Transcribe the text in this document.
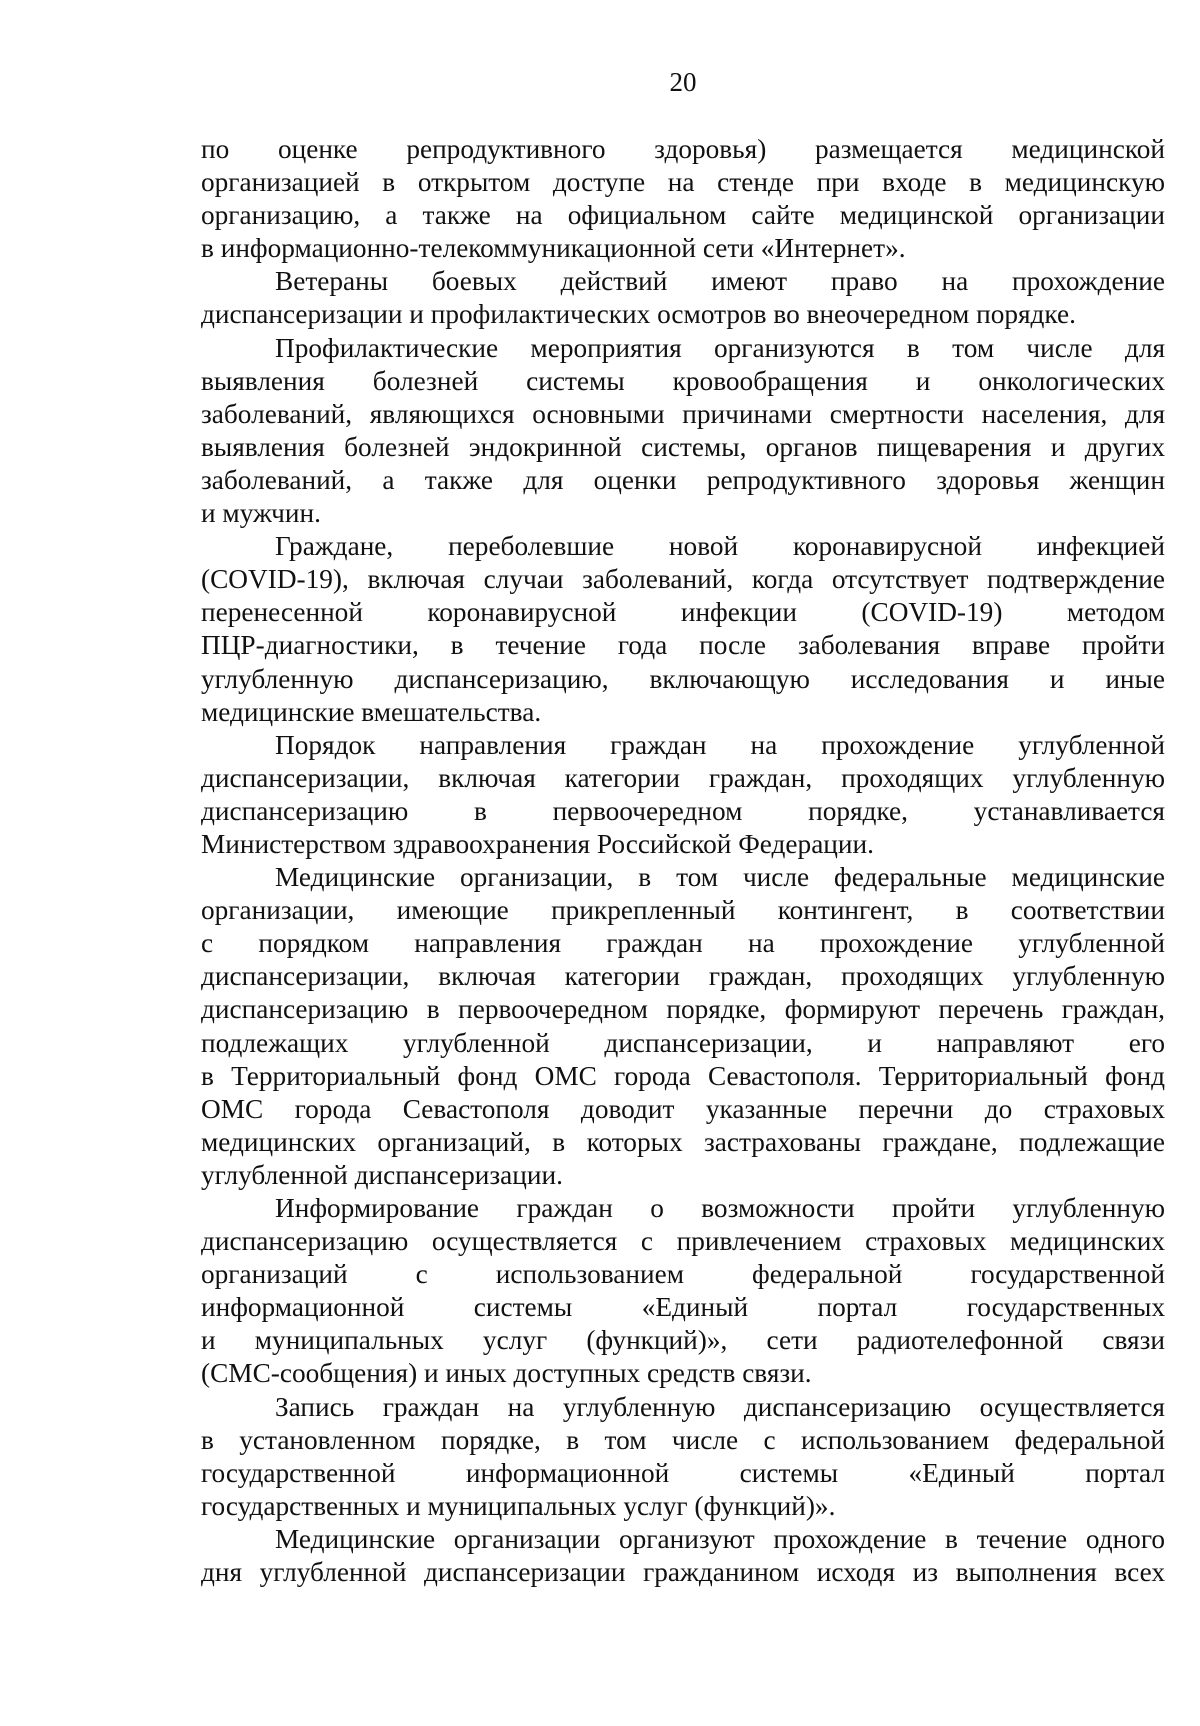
20

по оценке репродуктивного здоровья) размещается медицинской
организацией в открытом доступе на стенде при входе в медицинскую
организацию, а также на официальном сайте медицинской организации
в информационно-телекоммуникационной сети «Интернет».

Ветераны боевых действий имеют право на прохождение
диспансеризации и профилактических осмотров во внеочередном порядке.

Профилактические мероприятия организуются в том числе для
выявления болезней системы кровообращения и онкологических
заболеваний, являющихся основными причинами смертности населения, для
выявления болезней эндокринной системы, органов пищеварения и других
заболеваний, а также для оценки репродуктивного здоровья женщин
и мужчин.

Граждане, переболевшие новой коронавирусной инфекцией
(COVID-19), включая случаи заболеваний, когда отсутствует подтверждение
перенесенной коронавирусной инфекции (COVID-19) методом
ПЦР-диагностики, в течение года после заболевания вправе пройти
углубленную диспансеризацию, включающую исследования и иные
медицинские вмешательства.

Порядок направления граждан на прохождение углубленной
диспансеризации, включая категории граждан, проходящих углубленную
диспансеризацию в первоочередном порядке, устанавливается
Министерством здравоохранения Российской Федерации.

Медицинские организации, в том числе федеральные медицинские
организации, имеющие прикрепленный контингент, в соответствии
с порядком направления граждан на прохождение углубленной
диспансеризации, включая категории граждан, проходящих углубленную
диспансеризацию в первоочередном порядке, формируют перечень граждан,
подлежащих углубленной диспансеризации, и направляют его
в Территориальный фонд ОМС города Севастополя. Территориальный фонд
ОМС города Севастополя доводит указанные перечни до страховых
медицинских организаций, в которых застрахованы граждане, подлежащие
углубленной диспансеризации.

Информирование граждан о возможности пройти углубленную
диспансеризацию осуществляется с привлечением страховых медицинских
организаций с использованием федеральной государственной
информационной системы «Единый портал государственных
и муниципальных услуг (функций)», сети радиотелефонной связи
(СМС-сообщения) и иных доступных средств связи.

Запись граждан на углубленную диспансеризацию осуществляется
в установленном порядке, в том числе с использованием федеральной
государственной информационной системы «Единый портал
государственных и муниципальных услуг (функций)».

Медицинские организации организуют прохождение в течение одного
дня углубленной диспансеризации гражданином исходя из выполнения всех
